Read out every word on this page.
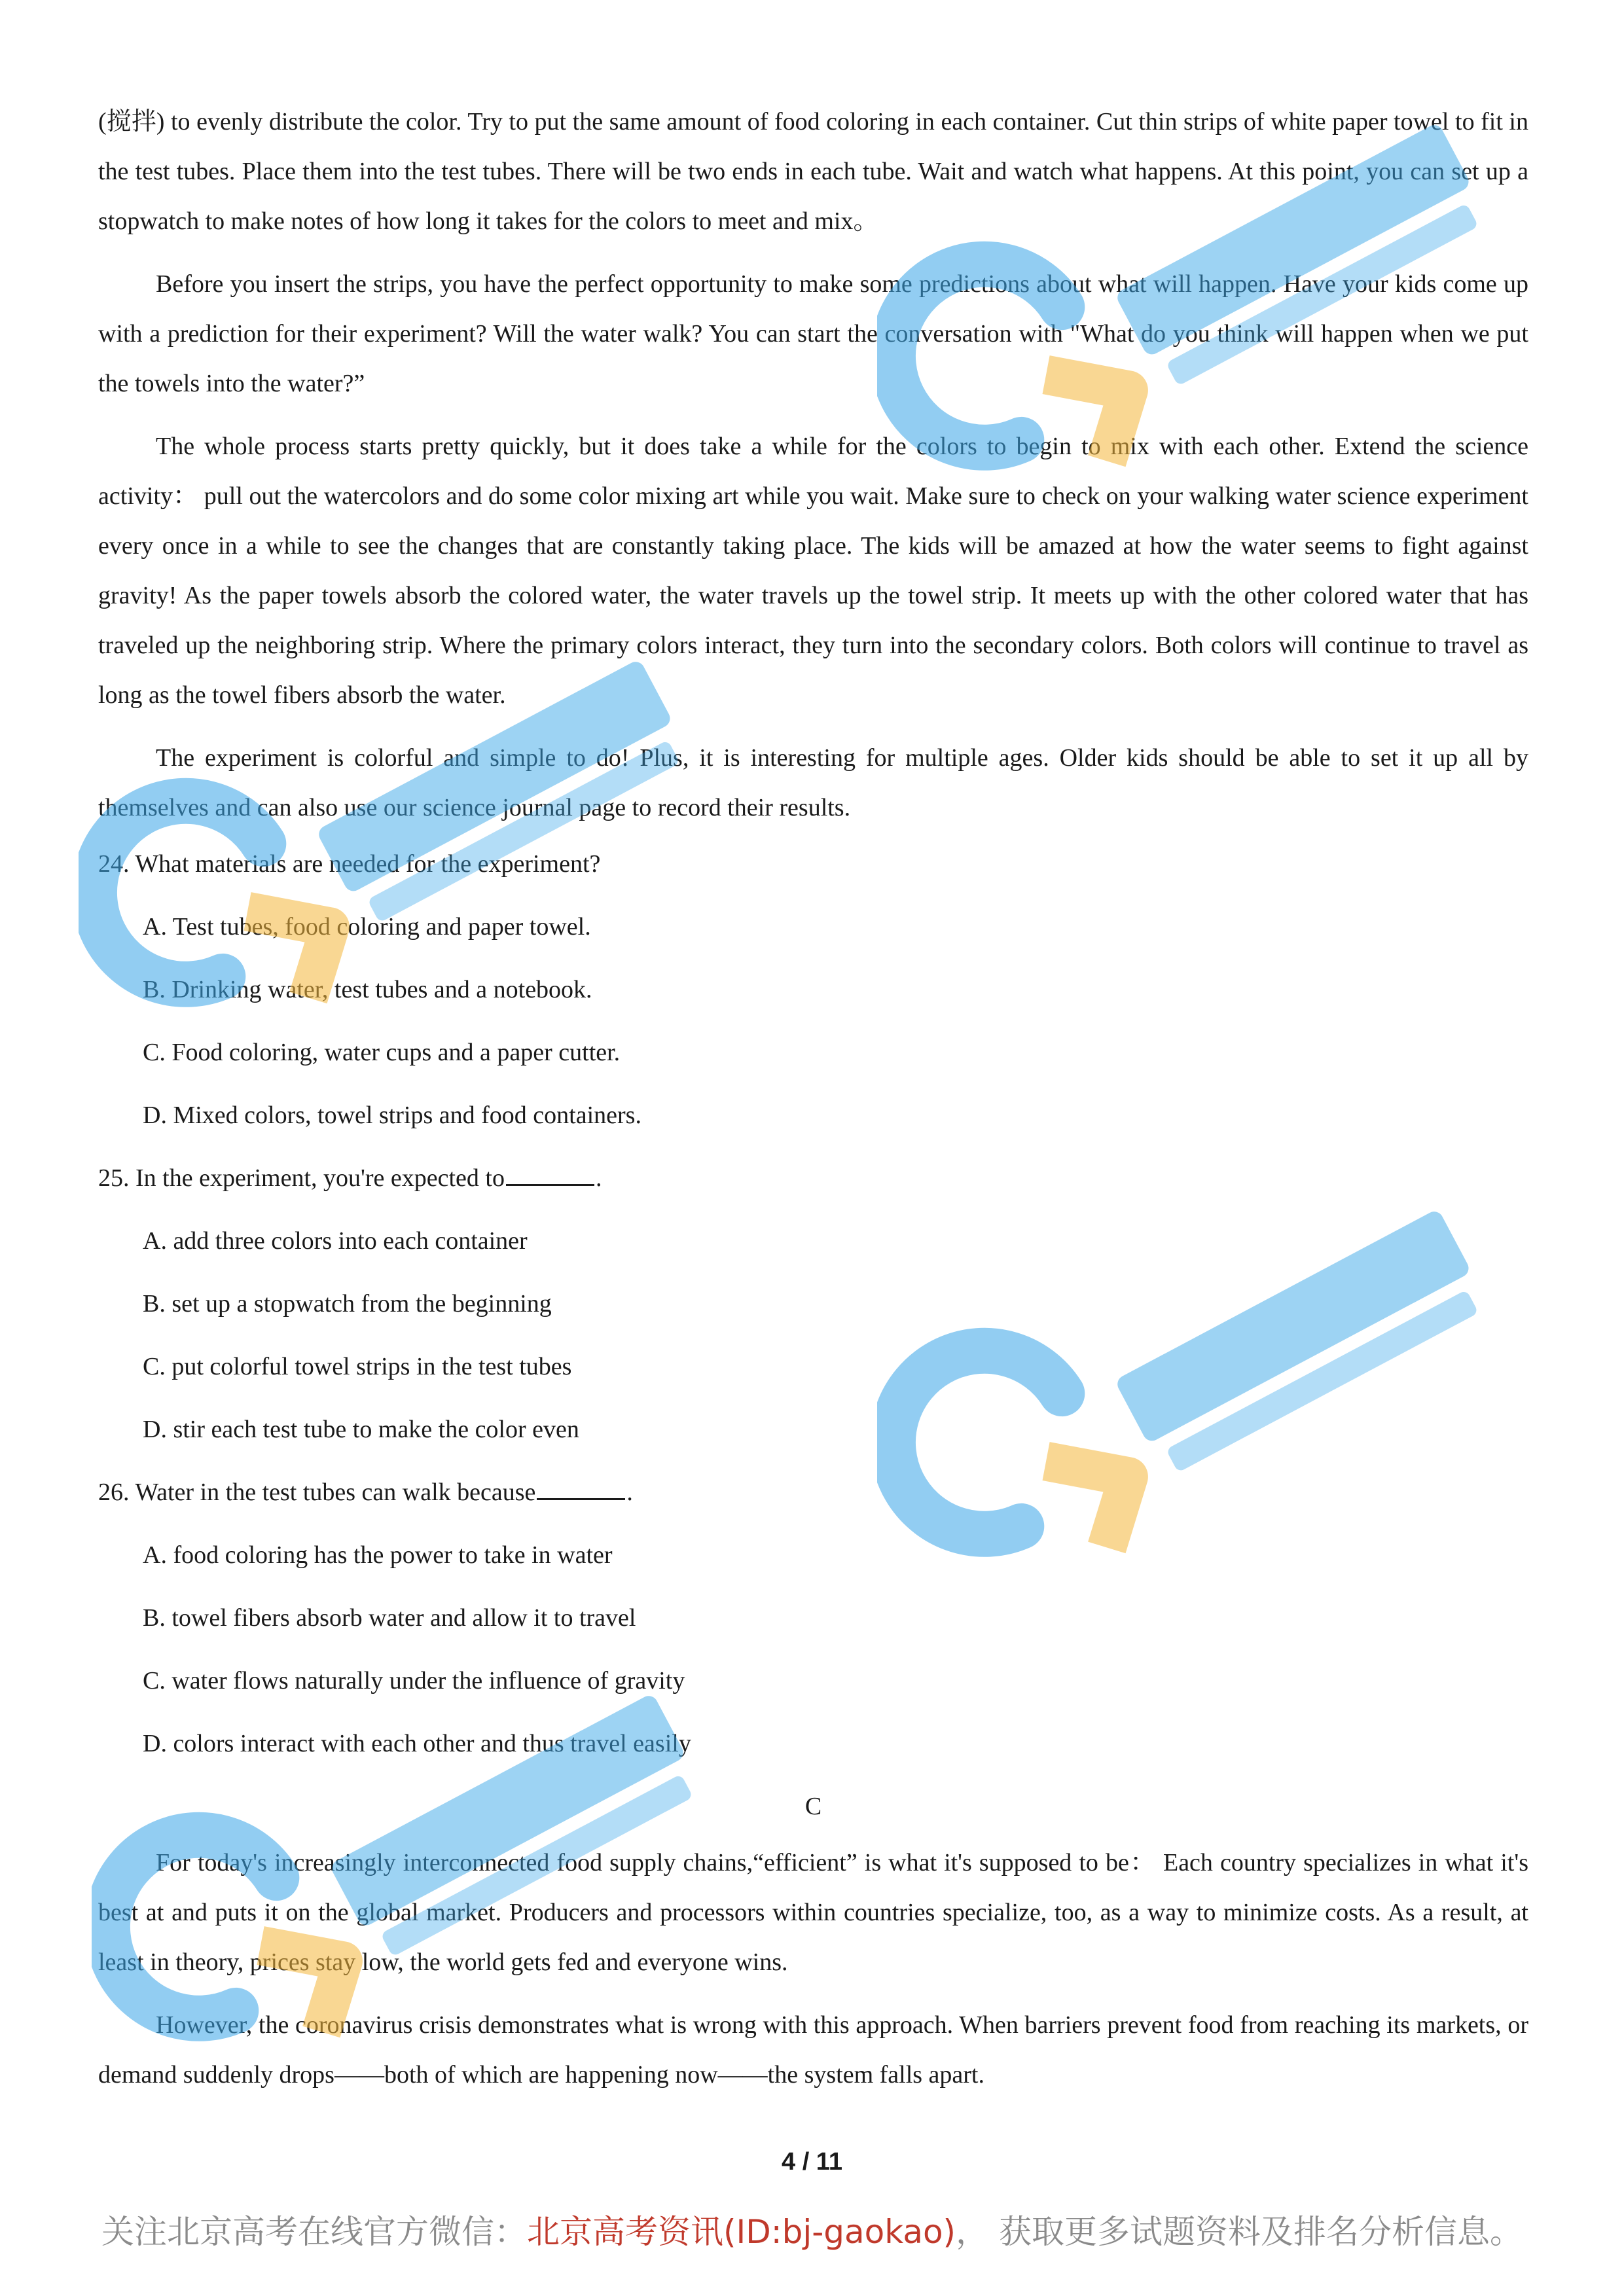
(搅拌) to evenly distribute the color. Try to put the same amount of food coloring in each container. Cut thin strips of white paper towel to fit in the test tubes. Place them into the test tubes. There will be two ends in each tube. Wait and watch what happens. At this point, you can set up a stopwatch to make notes of how long it takes for the colors to meet and mix。

Before you insert the strips, you have the perfect opportunity to make some predictions about what will happen. Have your kids come up with a prediction for their experiment? Will the water walk? You can start the conversation with "What do you think will happen when we put the towels into the water?”

The whole process starts pretty quickly, but it does take a while for the colors to begin to mix with each other. Extend the science activity： pull out the watercolors and do some color mixing art while you wait. Make sure to check on your walking water science experiment every once in a while to see the changes that are constantly taking place. The kids will be amazed at how the water seems to fight against gravity! As the paper towels absorb the colored water, the water travels up the towel strip. It meets up with the other colored water that has traveled up the neighboring strip. Where the primary colors interact, they turn into the secondary colors. Both colors will continue to travel as long as the towel fibers absorb the water.

The experiment is colorful and simple to do! Plus, it is interesting for multiple ages. Older kids should be able to set it up all by themselves and can also use our science journal page to record their results.

24. What materials are needed for the experiment?

A. Test tubes, food coloring and paper towel.

B. Drinking water, test tubes and a notebook.

C. Food coloring, water cups and a paper cutter.

D. Mixed colors, towel strips and food containers.

25. In the experiment, you're expected to	.

A. add three colors into each container

B. set up a stopwatch from the beginning

C. put colorful towel strips in the test tubes

D. stir each test tube to make the color even

26. Water in the test tubes can walk because	.

A. food coloring has the power to take in water

B. towel fibers absorb water and allow it to travel

C. water flows naturally under the influence of gravity

D. colors interact with each other and thus travel easily

C

For today's increasingly interconnected food supply chains,“efficient” is what it's supposed to be： Each country specializes in what it's best at and puts it on the global market. Producers and processors within countries specialize, too, as a way to minimize costs. As a result, at least in theory, prices stay low, the world gets fed and everyone wins.

However, the coronavirus crisis demonstrates what is wrong with this approach. When barriers prevent food from reaching its markets, or demand suddenly drops——both of which are happening now——the system falls apart.

4 / 11
关注北京高考在线官方微信：北京高考资讯(ID:bj-gaokao)， 获取更多试题资料及排名分析信息。
